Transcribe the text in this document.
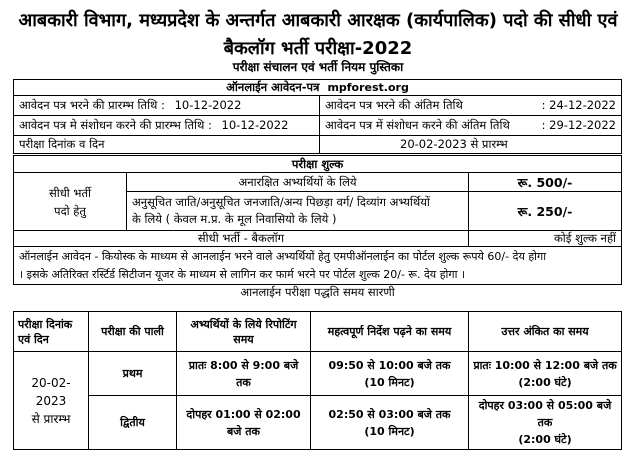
आबकारी विभाग, मध्यप्रदेश के अन्तर्गत आबकारी आरक्षक (कार्यपालिक) पदो की सीधी एवं
बैकलॉग भर्ती परीक्षा-2022
परीक्षा संचालन एवं भर्ती नियम पुस्तिका
ऑनलाईन आवेदन-पत्र mpforest.org	
आवेदन पत्र भरने की प्रारम्भ तिथि : 10-12-2022	आवेदन पत्र भरने की अंतिम तिथि : 24-12-2022

आवेदन पत्र मे संशोधन करने की प्रारम्भ तिथि : 10-12-2022	आवेदन पत्र में संशोधन करने की अंतिम तिथि : 29-12-2022

परीक्षा दिनांक व दिन	20-02-2023 से प्रारम्भ
परीक्षा शुल्क		
सीधी भर्ती
पदो हेतु	अनारक्षित अभ्यर्थियों के लिये	रू. 500/-
	अनुसूचित जाति/अनुसूचित जनजाति/अन्य पिछड़ा वर्ग/ दिव्यांग अभ्यर्थियों
के लिये ( केवल म.प्र. के मूल निवासियो के लिये )	रू. 250/-
सीधी भर्ती - बैकलॉग		कोई शुल्क नहीं
ऑनलाईन आवेदन - कियोस्क के माध्यम से आनलाईन भरने वाले अभ्यर्थियों हेतु एमपीऑनलाईन का पोर्टल शुल्क रूपये 60/- देय होगा
। इसके अतिरिक्त रर्स्टिर्ड सिटीजन यूजर के माध्यम से लागिन कर फार्म भरने पर पोर्टल शुल्क 20/- रू. देय होगा ।		
आनलाईन परीक्षा पद्धति समय सारणी		
परीक्षा दिनांक
एवं दिन	परीक्षा की पाली	अभ्यर्थियों के लिये रिपोटिंग
समय	महत्वपूर्ण निर्देश पढ़ने का समय	उत्तर अंकित का समय
20-02-2023
से प्रारम्भ	प्रथम	प्रातः 8:00 से 9:00 बजे
तक	09:50 से 10:00 बजे तक
(10 मिनट)	प्रातः 10:00 से 12:00 बजे तक
(2:00 घंटे)
	द्वितीय	दोपहर 01:00 से 02:00
बजे तक	02:50 से 03:00 बजे तक
(10 मिनट)	दोपहर 03:00 से 05:00 बजे तक
(2:00 घंटे)
